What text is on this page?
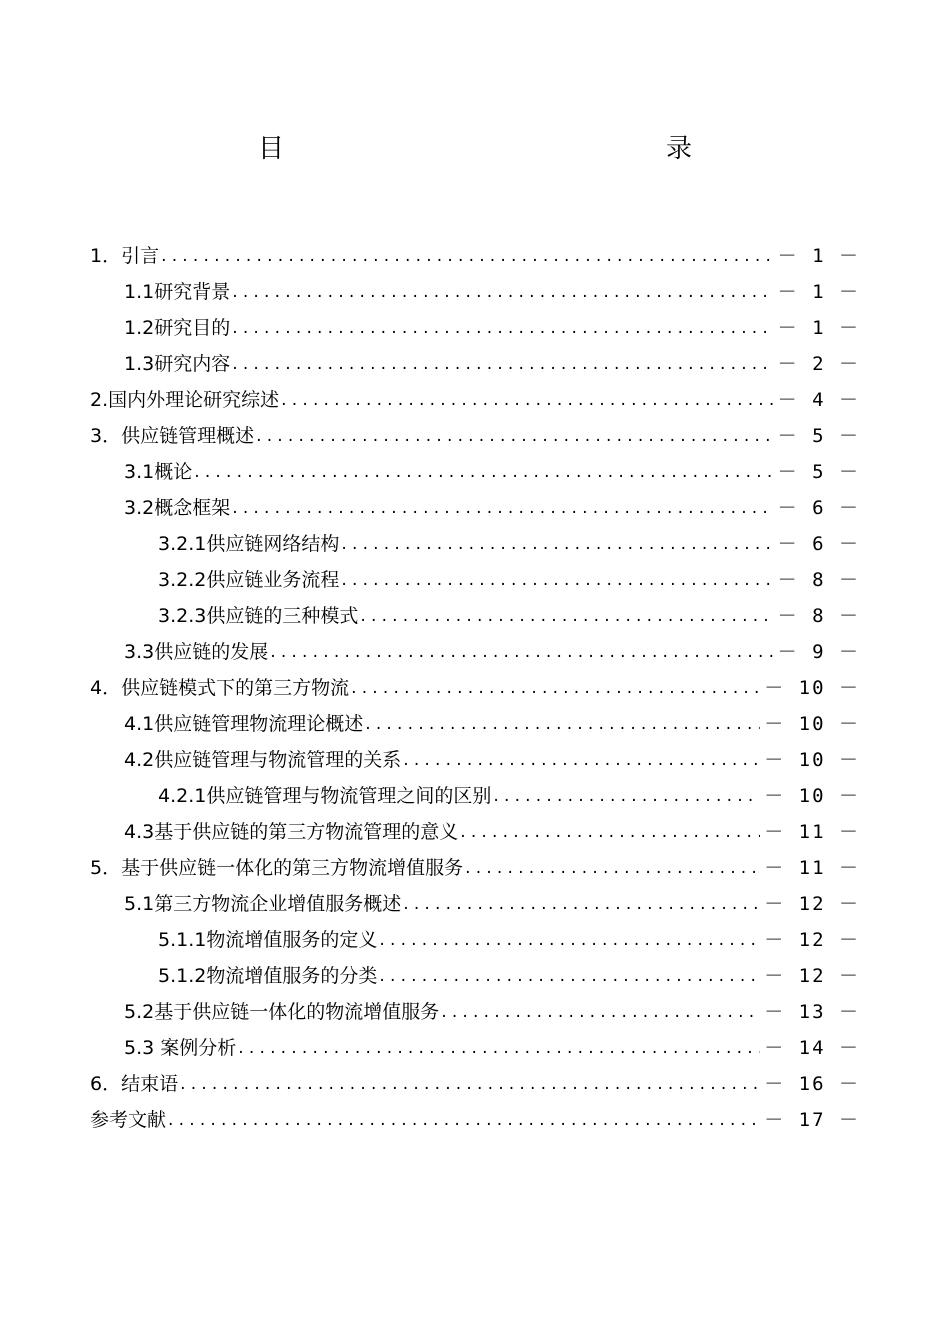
目　　录
1．引言 .....	－ 1 －
1.1研究背景 .....	－ 1 －
1.2研究目的 .....	－ 1 －
1.3研究内容 .....	－ 2 －
2.国内外理论研究综述 .....	－ 4 －
3．供应链管理概述 .....	－ 5 －
3.1概论 .....	－ 5 －
3.2概念框架 .....	－ 6 －
3.2.1供应链网络结构 .....	－ 6 －
3.2.2供应链业务流程 .....	－ 8 －
3.2.3供应链的三种模式 .....	－ 8 －
3.3供应链的发展 .....	－ 9 －
4．供应链模式下的第三方物流 .....	－ 10 －
4.1供应链管理物流理论概述 .....	－ 10 －
4.2供应链管理与物流管理的关系 .....	－ 10 －
4.2.1供应链管理与物流管理之间的区别 .....	－ 10 －
4.3基于供应链的第三方物流管理的意义 .....	－ 11 －
5．基于供应链一体化的第三方物流增值服务 .....	－ 11 －
5.1第三方物流企业增值服务概述 .....	－ 12 －
5.1.1物流增值服务的定义 .....	－ 12 －
5.1.2物流增值服务的分类 .....	－ 12 －
5.2基于供应链一体化的物流增值服务 .....	－ 13 －
5.3 案例分析 .....	－ 14 －
6．结束语 .....	－ 16 －
参考文献 .....	－ 17 －
